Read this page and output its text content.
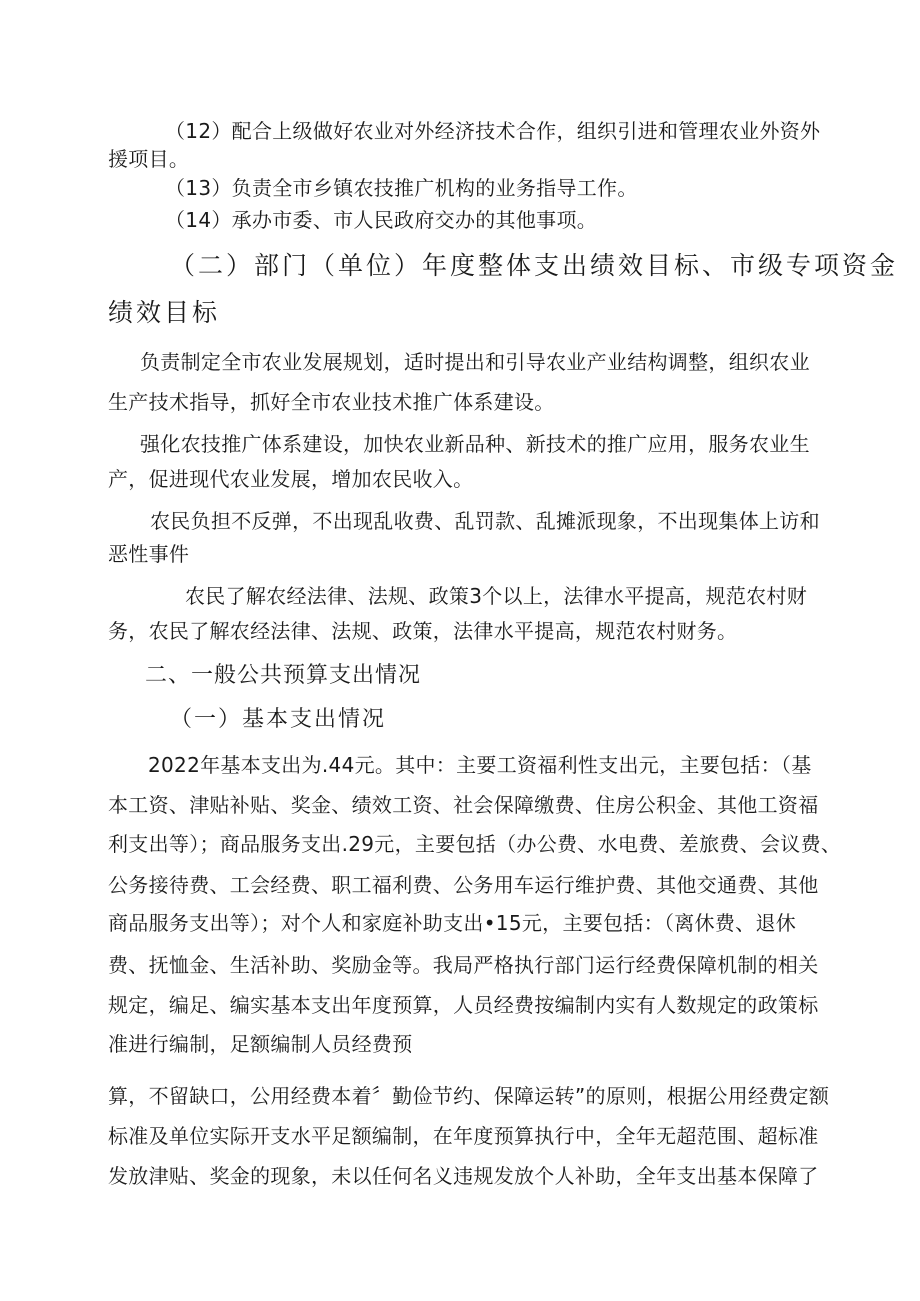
（12）配合上级做好农业对外经济技术合作，组织引进和管理农业外资外
援项目。
（13）负责全市乡镇农技推广机构的业务指导工作。
（14）承办市委、市人民政府交办的其他事项。
（二）部门（单位）年度整体支出绩效目标、市级专项资金
绩效目标
负责制定全市农业发展规划，适时提出和引导农业产业结构调整，组织农业
生产技术指导，抓好全市农业技术推广体系建设。
强化农技推广体系建设，加快农业新品种、新技术的推广应用，服务农业生
产，促进现代农业发展，增加农民收入。
农民负担不反弹，不出现乱收费、乱罚款、乱摊派现象，不出现集体上访和
恶性事件
农民了解农经法律、法规、政策3个以上，法律水平提高，规范农村财
务，农民了解农经法律、法规、政策，法律水平提高，规范农村财务。
二、一般公共预算支出情况
（一）基本支出情况
2022年基本支出为.44元。其中：主要工资福利性支出元，主要包括：（基
本工资、津贴补贴、奖金、绩效工资、社会保障缴费、住房公积金、其他工资福
利支出等）；商品服务支出.29元，主要包括（办公费、水电费、差旅费、会议费、
公务接待费、工会经费、职工福利费、公务用车运行维护费、其他交通费、其他
商品服务支出等）；对个人和家庭补助支出•15元，主要包括：（离休费、退休
费、抚恤金、生活补助、奖励金等。我局严格执行部门运行经费保障机制的相关
规定，编足、编实基本支出年度预算，人员经费按编制内实有人数规定的政策标
准进行编制，足额编制人员经费预
算，不留缺口，公用经费本着〞勤俭节约、保障运转”的原则，根据公用经费定额
标准及单位实际开支水平足额编制，在年度预算执行中，全年无超范围、超标准
发放津贴、奖金的现象，未以任何名义违规发放个人补助，全年支出基本保障了
